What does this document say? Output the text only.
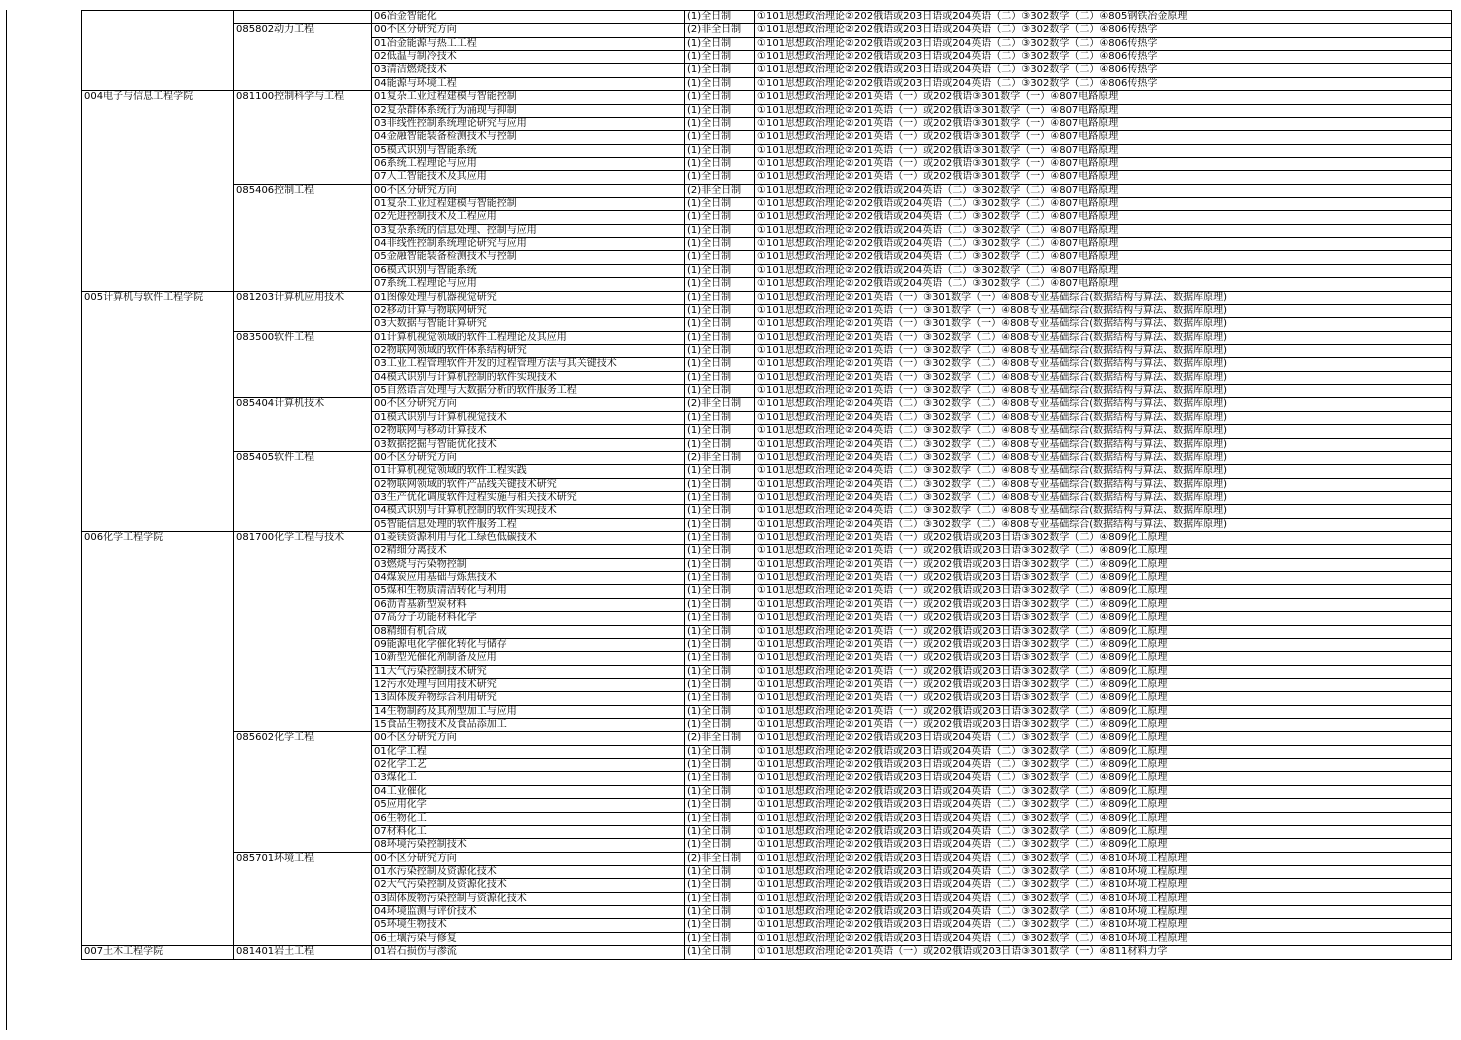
		06冶金智能化	(1)全日制	①101思想政治理论②202俄语或203日语或204英语（二）③302数学（二）④805钢铁冶金原理
	085802动力工程	00不区分研究方向	(2)非全日制	①101思想政治理论②202俄语或203日语或204英语（二）③302数学（二）④806传热学
		01冶金能源与热工工程	(1)全日制	①101思想政治理论②202俄语或203日语或204英语（二）③302数学（二）④806传热学
		02低温与制冷技术	(1)全日制	①101思想政治理论②202俄语或203日语或204英语（二）③302数学（二）④806传热学
		03清洁燃烧技术	(1)全日制	①101思想政治理论②202俄语或203日语或204英语（二）③302数学（二）④806传热学
		04能源与环境工程	(1)全日制	①101思想政治理论②202俄语或203日语或204英语（二）③302数学（二）④806传热学
004电子与信息工程学院	081100控制科学与工程	01复杂工业过程建模与智能控制	(1)全日制	①101思想政治理论②201英语（一）或202俄语③301数学（一）④807电路原理
		02复杂群体系统行为涌现与抑制	(1)全日制	①101思想政治理论②201英语（一）或202俄语③301数学（一）④807电路原理
		03非线性控制系统理论研究与应用	(1)全日制	①101思想政治理论②201英语（一）或202俄语③301数学（一）④807电路原理
		04金融智能装备检测技术与控制	(1)全日制	①101思想政治理论②201英语（一）或202俄语③301数学（一）④807电路原理
		05模式识别与智能系统	(1)全日制	①101思想政治理论②201英语（一）或202俄语③301数学（一）④807电路原理
		06系统工程理论与应用	(1)全日制	①101思想政治理论②201英语（一）或202俄语③301数学（一）④807电路原理
		07人工智能技术及其应用	(1)全日制	①101思想政治理论②201英语（一）或202俄语③301数学（一）④807电路原理
	085406控制工程	00不区分研究方向	(2)非全日制	①101思想政治理论②202俄语或204英语（二）③302数学（二）④807电路原理
		01复杂工业过程建模与智能控制	(1)全日制	①101思想政治理论②202俄语或204英语（二）③302数学（二）④807电路原理
		02先进控制技术及工程应用	(1)全日制	①101思想政治理论②202俄语或204英语（二）③302数学（二）④807电路原理
		03复杂系统的信息处理、控制与应用	(1)全日制	①101思想政治理论②202俄语或204英语（二）③302数学（二）④807电路原理
		04非线性控制系统理论研究与应用	(1)全日制	①101思想政治理论②202俄语或204英语（二）③302数学（二）④807电路原理
		05金融智能装备检测技术与控制	(1)全日制	①101思想政治理论②202俄语或204英语（二）③302数学（二）④807电路原理
		06模式识别与智能系统	(1)全日制	①101思想政治理论②202俄语或204英语（二）③302数学（二）④807电路原理
		07系统工程理论与应用	(1)全日制	①101思想政治理论②202俄语或204英语（二）③302数学（二）④807电路原理
005计算机与软件工程学院	081203计算机应用技术	01图像处理与机器视觉研究	(1)全日制	①101思想政治理论②201英语（一）③301数学（一）④808专业基础综合(数据结构与算法、数据库原理)
		02移动计算与物联网研究	(1)全日制	①101思想政治理论②201英语（一）③301数学（一）④808专业基础综合(数据结构与算法、数据库原理)
		03大数据与智能计算研究	(1)全日制	①101思想政治理论②201英语（一）③301数学（一）④808专业基础综合(数据结构与算法、数据库原理)
	083500软件工程	01计算机视觉领域的软件工程理论及其应用	(1)全日制	①101思想政治理论②201英语（一）③302数学（二）④808专业基础综合(数据结构与算法、数据库原理)
		02物联网领域的软件体系结构研究	(1)全日制	①101思想政治理论②201英语（一）③302数学（二）④808专业基础综合(数据结构与算法、数据库原理)
		03工业工程管理软件开发的过程管理方法与其关键技术	(1)全日制	①101思想政治理论②201英语（一）③302数学（二）④808专业基础综合(数据结构与算法、数据库原理)
		04模式识别与计算机控制的软件实现技术	(1)全日制	①101思想政治理论②201英语（一）③302数学（二）④808专业基础综合(数据结构与算法、数据库原理)
		05自然语言处理与大数据分析的软件服务工程	(1)全日制	①101思想政治理论②201英语（一）③302数学（二）④808专业基础综合(数据结构与算法、数据库原理)
	085404计算机技术	00不区分研究方向	(2)非全日制	①101思想政治理论②204英语（二）③302数学（二）④808专业基础综合(数据结构与算法、数据库原理)
		01模式识别与计算机视觉技术	(1)全日制	①101思想政治理论②204英语（二）③302数学（二）④808专业基础综合(数据结构与算法、数据库原理)
		02物联网与移动计算技术	(1)全日制	①101思想政治理论②204英语（二）③302数学（二）④808专业基础综合(数据结构与算法、数据库原理)
		03数据挖掘与智能优化技术	(1)全日制	①101思想政治理论②204英语（二）③302数学（二）④808专业基础综合(数据结构与算法、数据库原理)
	085405软件工程	00不区分研究方向	(2)非全日制	①101思想政治理论②204英语（二）③302数学（二）④808专业基础综合(数据结构与算法、数据库原理)
		01计算机视觉领域的软件工程实践	(1)全日制	①101思想政治理论②204英语（二）③302数学（二）④808专业基础综合(数据结构与算法、数据库原理)
		02物联网领域的软件产品线关键技术研究	(1)全日制	①101思想政治理论②204英语（二）③302数学（二）④808专业基础综合(数据结构与算法、数据库原理)
		03生产优化调度软件过程实施与相关技术研究	(1)全日制	①101思想政治理论②204英语（二）③302数学（二）④808专业基础综合(数据结构与算法、数据库原理)
		04模式识别与计算机控制的软件实现技术	(1)全日制	①101思想政治理论②204英语（二）③302数学（二）④808专业基础综合(数据结构与算法、数据库原理)
		05智能信息处理的软件服务工程	(1)全日制	①101思想政治理论②204英语（二）③302数学（二）④808专业基础综合(数据结构与算法、数据库原理)
006化学工程学院	081700化学工程与技术	01菱镁资源利用与化工绿色低碳技术	(1)全日制	①101思想政治理论②201英语（一）或202俄语或203日语③302数学（二）④809化工原理
		02精细分离技术	(1)全日制	①101思想政治理论②201英语（一）或202俄语或203日语③302数学（二）④809化工原理
		03燃烧与污染物控制	(1)全日制	①101思想政治理论②201英语（一）或202俄语或203日语③302数学（二）④809化工原理
		04煤炭应用基础与炼焦技术	(1)全日制	①101思想政治理论②201英语（一）或202俄语或203日语③302数学（二）④809化工原理
		05煤和生物质清洁转化与利用	(1)全日制	①101思想政治理论②201英语（一）或202俄语或203日语③302数学（二）④809化工原理
		06沥青基新型炭材料	(1)全日制	①101思想政治理论②201英语（一）或202俄语或203日语③302数学（二）④809化工原理
		07高分子功能材料化学	(1)全日制	①101思想政治理论②201英语（一）或202俄语或203日语③302数学（二）④809化工原理
		08精细有机合成	(1)全日制	①101思想政治理论②201英语（一）或202俄语或203日语③302数学（二）④809化工原理
		09能源电化学催化转化与储存	(1)全日制	①101思想政治理论②201英语（一）或202俄语或203日语③302数学（二）④809化工原理
		10新型光催化剂制备及应用	(1)全日制	①101思想政治理论②201英语（一）或202俄语或203日语③302数学（二）④809化工原理
		11大气污染控制技术研究	(1)全日制	①101思想政治理论②201英语（一）或202俄语或203日语③302数学（二）④809化工原理
		12污水处理与回用技术研究	(1)全日制	①101思想政治理论②201英语（一）或202俄语或203日语③302数学（二）④809化工原理
		13固体废弃物综合利用研究	(1)全日制	①101思想政治理论②201英语（一）或202俄语或203日语③302数学（二）④809化工原理
		14生物制药及其剂型加工与应用	(1)全日制	①101思想政治理论②201英语（一）或202俄语或203日语③302数学（二）④809化工原理
		15食品生物技术及食品添加工	(1)全日制	①101思想政治理论②201英语（一）或202俄语或203日语③302数学（二）④809化工原理
	085602化学工程	00不区分研究方向	(2)非全日制	①101思想政治理论②202俄语或203日语或204英语（二）③302数学（二）④809化工原理
		01化学工程	(1)全日制	①101思想政治理论②202俄语或203日语或204英语（二）③302数学（二）④809化工原理
		02化学工艺	(1)全日制	①101思想政治理论②202俄语或203日语或204英语（二）③302数学（二）④809化工原理
		03煤化工	(1)全日制	①101思想政治理论②202俄语或203日语或204英语（二）③302数学（二）④809化工原理
		04工业催化	(1)全日制	①101思想政治理论②202俄语或203日语或204英语（二）③302数学（二）④809化工原理
		05应用化学	(1)全日制	①101思想政治理论②202俄语或203日语或204英语（二）③302数学（二）④809化工原理
		06生物化工	(1)全日制	①101思想政治理论②202俄语或203日语或204英语（二）③302数学（二）④809化工原理
		07材料化工	(1)全日制	①101思想政治理论②202俄语或203日语或204英语（二）③302数学（二）④809化工原理
		08环境污染控制技术	(1)全日制	①101思想政治理论②202俄语或203日语或204英语（二）③302数学（二）④809化工原理
	085701环境工程	00不区分研究方向	(2)非全日制	①101思想政治理论②202俄语或203日语或204英语（二）③302数学（二）④810环境工程原理
		01水污染控制及资源化技术	(1)全日制	①101思想政治理论②202俄语或203日语或204英语（二）③302数学（二）④810环境工程原理
		02大气污染控制及资源化技术	(1)全日制	①101思想政治理论②202俄语或203日语或204英语（二）③302数学（二）④810环境工程原理
		03固体废物污染控制与资源化技术	(1)全日制	①101思想政治理论②202俄语或203日语或204英语（二）③302数学（二）④810环境工程原理
		04环境监测与评价技术	(1)全日制	①101思想政治理论②202俄语或203日语或204英语（二）③302数学（二）④810环境工程原理
		05环境生物技术	(1)全日制	①101思想政治理论②202俄语或203日语或204英语（二）③302数学（二）④810环境工程原理
		06土壤污染与修复	(1)全日制	①101思想政治理论②202俄语或203日语或204英语（二）③302数学（二）④810环境工程原理
007土木工程学院	081401岩土工程	01岩石损伤与渗流	(1)全日制	①101思想政治理论②201英语（一）或202俄语或203日语③301数学（一）④811材料力学
